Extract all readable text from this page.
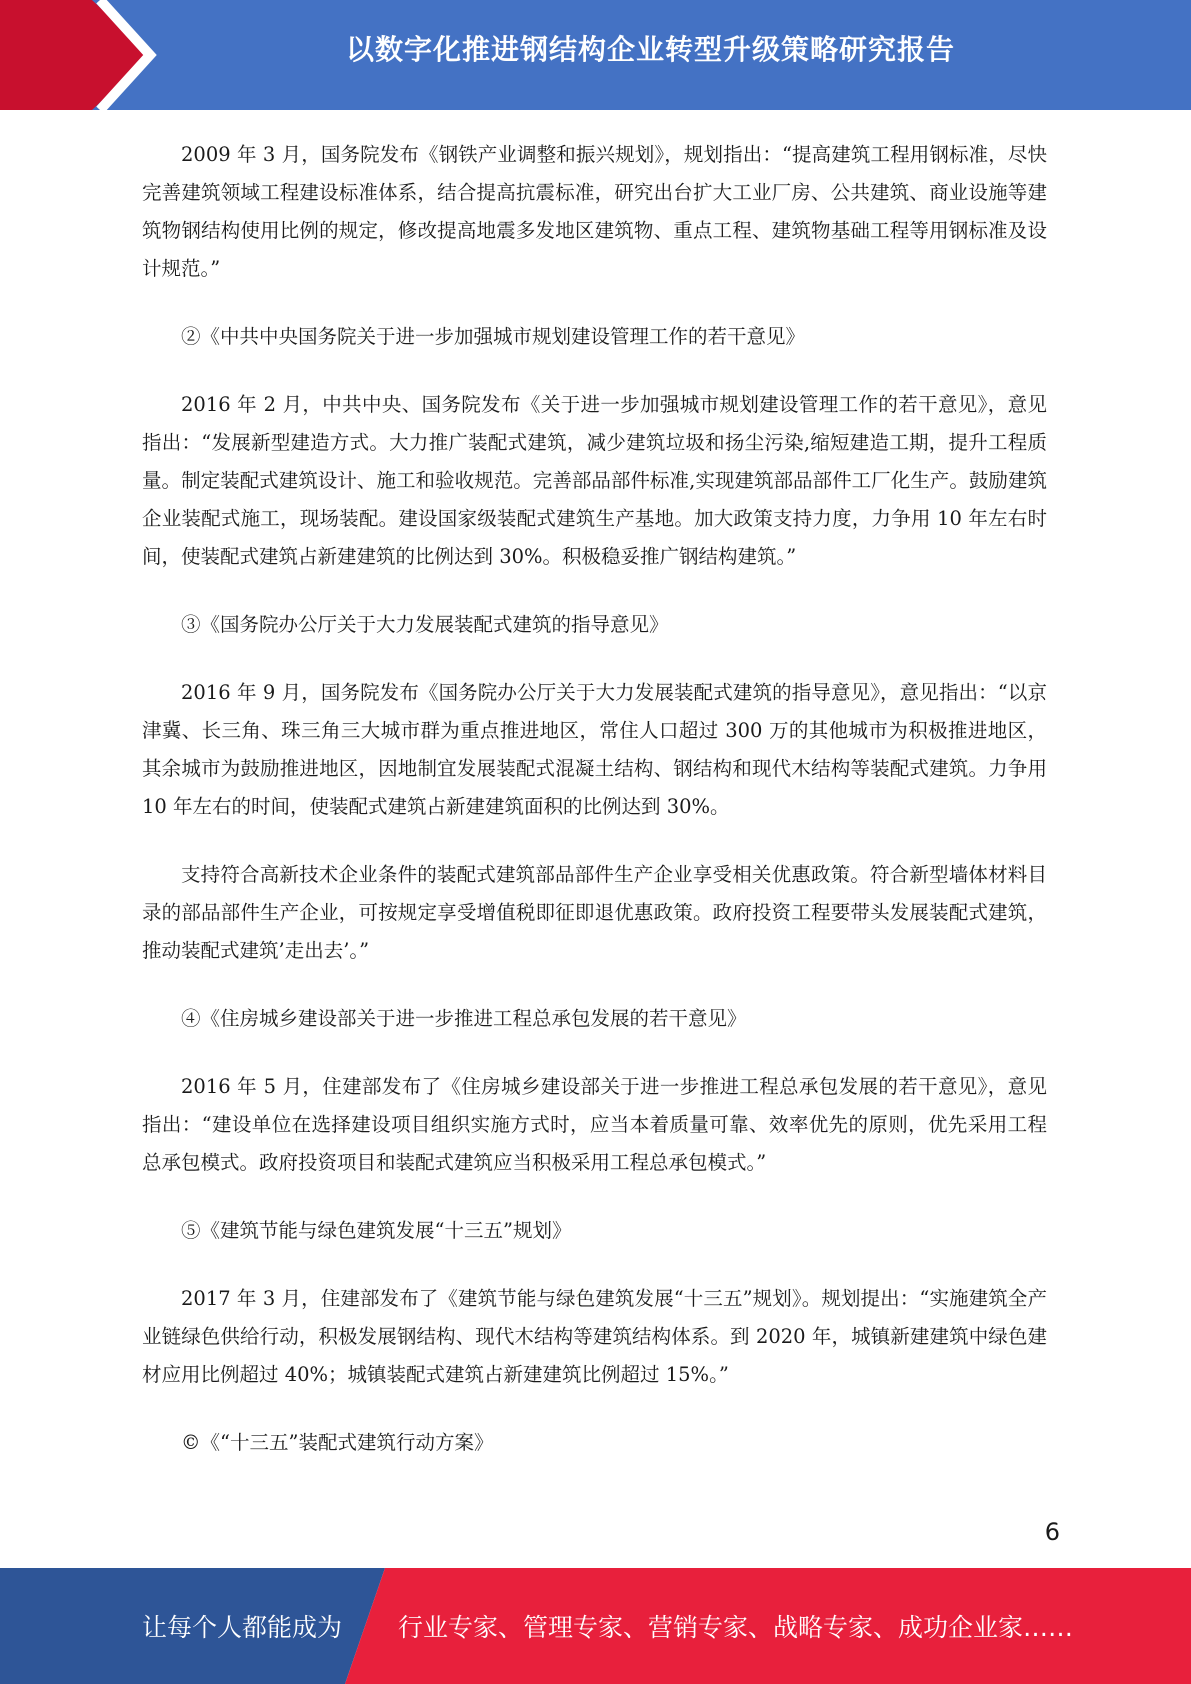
以数字化推进钢结构企业转型升级策略研究报告

2009 年 3 月，国务院发布《钢铁产业调整和振兴规划》，规划指出：“提高建筑工程用钢标准，尽快完善建筑领域工程建设标准体系，结合提高抗震标准，研究出台扩大工业厂房、公共建筑、商业设施等建筑物钢结构使用比例的规定，修改提高地震多发地区建筑物、重点工程、建筑物基础工程等用钢标准及设计规范。”

②《中共中央国务院关于进一步加强城市规划建设管理工作的若干意见》

2016 年 2 月，中共中央、国务院发布《关于进一步加强城市规划建设管理工作的若干意见》，意见指出：“发展新型建造方式。大力推广装配式建筑，减少建筑垃圾和扬尘污染,缩短建造工期，提升工程质量。制定装配式建筑设计、施工和验收规范。完善部品部件标准,实现建筑部品部件工厂化生产。鼓励建筑企业装配式施工，现场装配。建设国家级装配式建筑生产基地。加大政策支持力度，力争用 10 年左右时间，使装配式建筑占新建建筑的比例达到 30%。积极稳妥推广钢结构建筑。”

③《国务院办公厅关于大力发展装配式建筑的指导意见》

2016 年 9 月，国务院发布《国务院办公厅关于大力发展装配式建筑的指导意见》，意见指出：“以京津冀、长三角、珠三角三大城市群为重点推进地区，常住人口超过 300 万的其他城市为积极推进地区，其余城市为鼓励推进地区，因地制宜发展装配式混凝土结构、钢结构和现代木结构等装配式建筑。力争用 10 年左右的时间，使装配式建筑占新建建筑面积的比例达到 30%。

支持符合高新技术企业条件的装配式建筑部品部件生产企业享受相关优惠政策。符合新型墙体材料目录的部品部件生产企业，可按规定享受增值税即征即退优惠政策。政府投资工程要带头发展装配式建筑，推动装配式建筑’走出去’。”

④《住房城乡建设部关于进一步推进工程总承包发展的若干意见》

2016 年 5 月，住建部发布了《住房城乡建设部关于进一步推进工程总承包发展的若干意见》，意见指出：“建设单位在选择建设项目组织实施方式时，应当本着质量可靠、效率优先的原则，优先采用工程总承包模式。政府投资项目和装配式建筑应当积极采用工程总承包模式。”

⑤《建筑节能与绿色建筑发展“十三五”规划》

2017 年 3 月，住建部发布了《建筑节能与绿色建筑发展“十三五”规划》。规划提出：“实施建筑全产业链绿色供给行动，积极发展钢结构、现代木结构等建筑结构体系。到 2020 年，城镇新建建筑中绿色建材应用比例超过 40%；城镇装配式建筑占新建建筑比例超过 15%。”

©《“十三五”装配式建筑行动方案》

6
让每个人都能成为 行业专家、管理专家、营销专家、战略专家、成功企业家……
